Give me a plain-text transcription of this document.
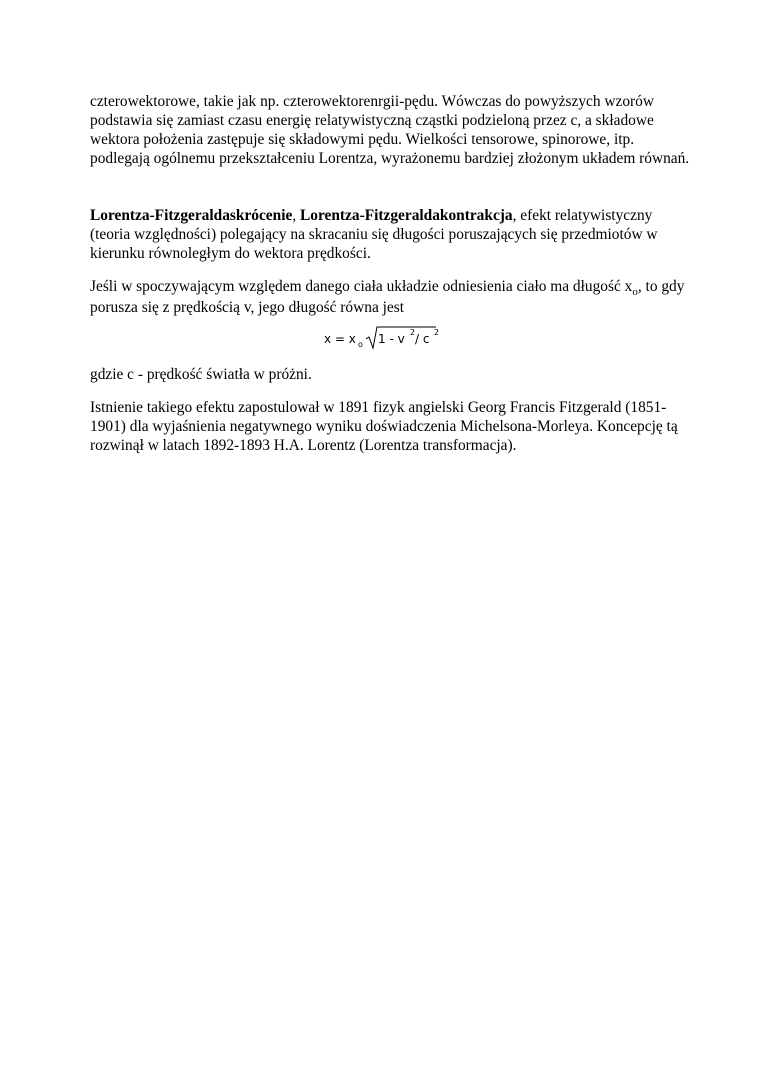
czterowektorowe, takie jak np. czterowektorenrgii-pędu. Wówczas do powyższych wzorów podstawia się zamiast czasu energię relatywistyczną cząstki podzieloną przez c, a składowe wektora położenia zastępuje się składowymi pędu. Wielkości tensorowe, spinorowe, itp. podlegają ogólnemu przekształceniu Lorentza, wyrażonemu bardziej złożonym układem równań.

Lorentza-Fitzgeraldaskrócenie, Lorentza-Fitzgeraldakontrakcja, efekt relatywistyczny (teoria względności) polegający na skracaniu się długości poruszających się przedmiotów w kierunku równoległym do wektora prędkości.

Jeśli w spoczywającym względem danego ciała układzie odniesienia ciało ma długość $x_o$, to gdy porusza się z prędkością v, jego długość równa jest

x = x o 1 - v 2 / c 2

gdzie c - prędkość światła w próżni.

Istnienie takiego efektu zapostulował w 1891 fizyk angielski Georg Francis Fitzgerald (1851-1901) dla wyjaśnienia negatywnego wyniku doświadczenia Michelsona-Morleya. Koncepcję tą rozwinął w latach 1892-1893 H.A. Lorentz (Lorentza transformacja).
